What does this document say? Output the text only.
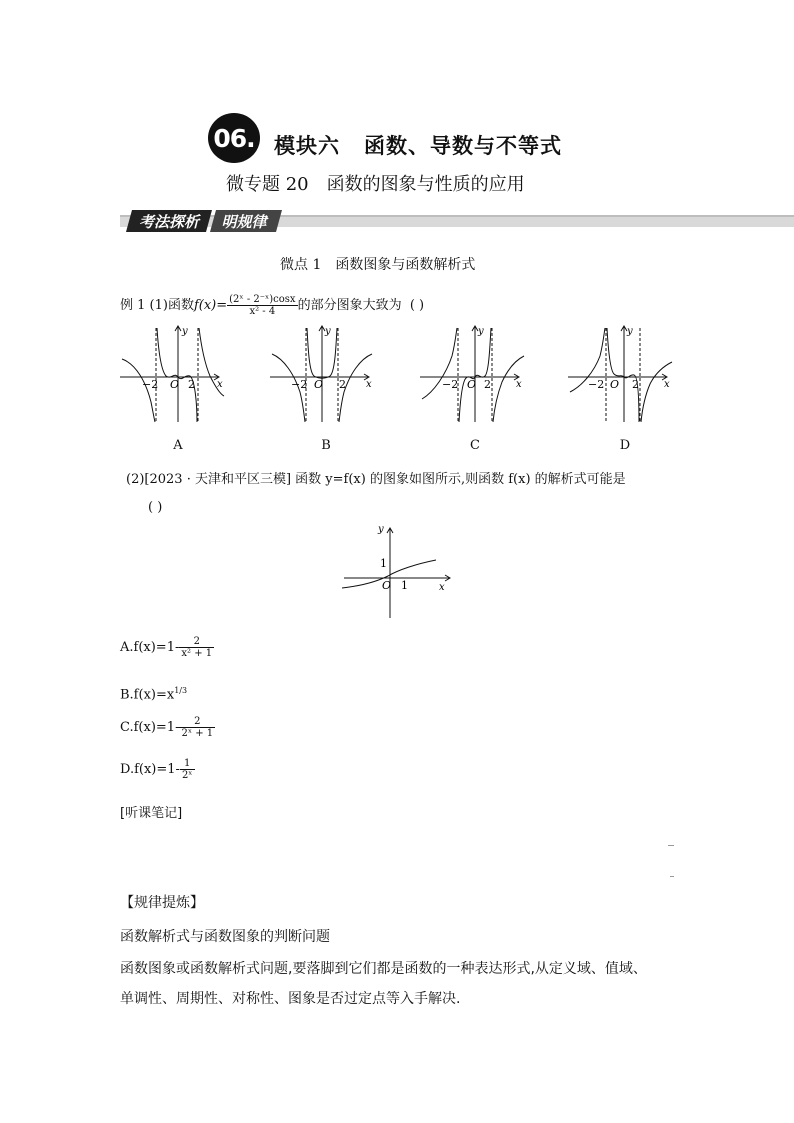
06. 模块六 函数、导数与不等式
微专题 20 函数的图象与性质的应用
考法探析 明规律
微点 1 函数图象与函数解析式
例 1 (1)函数$f(x)= \frac{\text{(2ˣ - 2⁻ˣ)cosx}}{\text{x² - 4}}$ 的部分图象大致为 ( )
y
−2 O 2 x
y
−2 O 2 x
y
−2 O 2	x
y
−2 O 2	x
A	B	C	D
(2)[2023 · 天津和平区三模] 函数 y=f(x) 的图象如图所示,则函数 f(x) 的解析式可能是
( )
y
1
O 1	x
$A.f(x)=1- \frac{2}{\text{x² + 1}}$
$B.f(x)=x^{1/3}$
$C.f(x)=1- \frac{2}{\text{2ˣ + 1}}$
$D.f(x)=1- \frac{1}{\text{2ˣ}}$
[听课笔记]
【规律提炼】
函数解析式与函数图象的判断问题
函数图象或函数解析式问题,要落脚到它们都是函数的一种表达形式,从定义域、值域、
单调性、周期性、对称性、图象是否过定点等入手解决.
